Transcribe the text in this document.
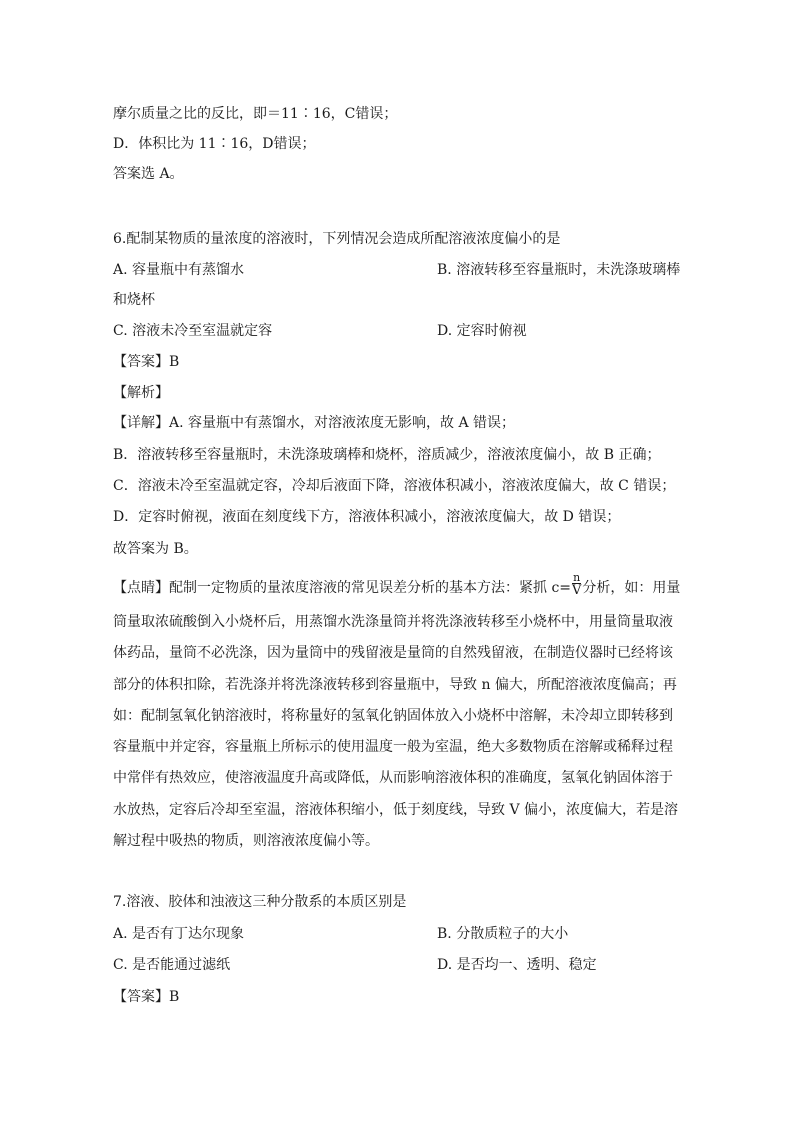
摩尔质量之比的反比，即＝11∶16，C错误；
D．体积比为 11∶16，D错误；
答案选 A。
6.配制某物质的量浓度的溶液时，下列情况会造成所配溶液浓度偏小的是
A. 容量瓶中有蒸馏水	B. 溶液转移至容量瓶时，未洗涤玻璃棒
和烧杯
C. 溶液未冷至室温就定容	D. 定容时俯视
【答案】B
【解析】
【详解】A. 容量瓶中有蒸馏水，对溶液浓度无影响，故 A 错误；
B．溶液转移至容量瓶时，未洗涤玻璃棒和烧杯，溶质减少，溶液浓度偏小，故 B 正确；
C．溶液未冷至室温就定容，冷却后液面下降，溶液体积减小，溶液浓度偏大，故 C 错误；
D．定容时俯视，液面在刻度线下方，溶液体积减小，溶液浓度偏大，故 D 错误；
故答案为 B。
【点睛】配制一定物质的量浓度溶液的常见误差分析的基本方法：紧抓 $c= \frac{n}{V}$ 分析，如：用量
筒量取浓硫酸倒入小烧杯后，用蒸馏水洗涤量筒并将洗涤液转移至小烧杯中，用量筒量取液
体药品，量筒不必洗涤，因为量筒中的残留液是量筒的自然残留液，在制造仪器时已经将该
部分的体积扣除，若洗涤并将洗涤液转移到容量瓶中，导致 n 偏大，所配溶液浓度偏高；再
如：配制氢氧化钠溶液时，将称量好的氢氧化钠固体放入小烧杯中溶解，未冷却立即转移到
容量瓶中并定容，容量瓶上所标示的使用温度一般为室温，绝大多数物质在溶解或稀释过程
中常伴有热效应，使溶液温度升高或降低，从而影响溶液体积的准确度，氢氧化钠固体溶于
水放热，定容后冷却至室温，溶液体积缩小，低于刻度线，导致 V 偏小，浓度偏大，若是溶
解过程中吸热的物质，则溶液浓度偏小等。
7.溶液、胶体和浊液这三种分散系的本质区别是
A. 是否有丁达尔现象	B. 分散质粒子的大小
C. 是否能通过滤纸	D. 是否均一、透明、稳定
【答案】B
